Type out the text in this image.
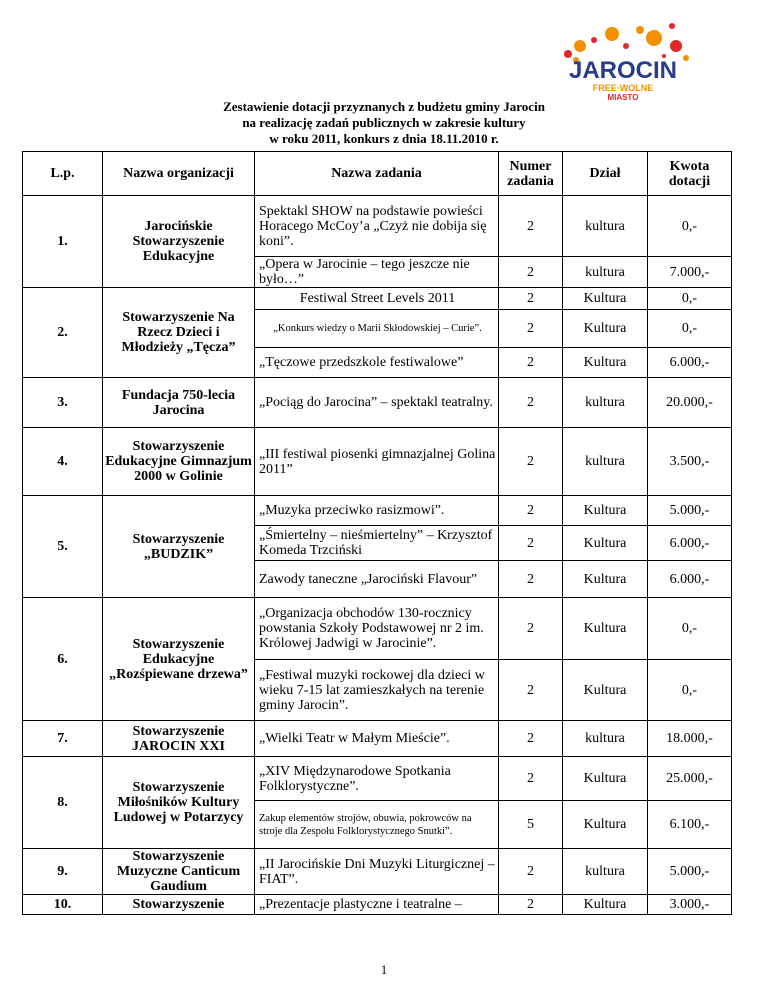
JAROCIN
FREE·WOLNE
MIASTO
Zestawienie dotacji przyznanych z budżetu gminy Jarocin
na realizację zadań publicznych w zakresie kultury
w roku 2011, konkurs z dnia 18.11.2010 r.
L.p.	Nazwa organizacji	Nazwa zadania	Numer zadania	Dział	Kwota dotacji
1.	Jarocińskie Stowarzyszenie Edukacyjne	Spektakl SHOW na podstawie powieści Horacego McCoy’a „Czyż nie dobija się koni”.	2	kultura	0,-
		„Opera w Jarocinie – tego jeszcze nie było…”	2	kultura	7.000,-
2.	Stowarzyszenie Na Rzecz Dzieci i Młodzieży „Tęcza”	Festiwal Street Levels 2011	2	Kultura	0,-
		„Konkurs wiedzy o Marii Skłodowskiej – Curie”.	2	Kultura	0,-
		„Tęczowe przedszkole festiwalowe”	2	Kultura	6.000,-
3.	Fundacja 750-lecia Jarocina	„Pociąg do Jarocina” – spektakl teatralny.	2	kultura	20.000,-
4.	Stowarzyszenie Edukacyjne Gimnazjum 2000 w Golinie	„III festiwal piosenki gimnazjalnej Golina 2011”	2	kultura	3.500,-
5.	Stowarzyszenie „BUDZIK”	„Muzyka przeciwko rasizmowi”.	2	Kultura	5.000,-
		„Śmiertelny – nieśmiertelny” – Krzysztof Komeda Trzciński	2	Kultura	6.000,-
		Zawody taneczne „Jarociński Flavour”	2	Kultura	6.000,-
6.	Stowarzyszenie Edukacyjne „Rozśpiewane drzewa”	„Organizacja obchodów 130-rocznicy powstania Szkoły Podstawowej nr 2 im. Królowej Jadwigi w Jarocinie”.	2	Kultura	0,-
		„Festiwal muzyki rockowej dla dzieci w wieku 7-15 lat zamieszkałych na terenie gminy Jarocin”.	2	Kultura	0,-
7.	Stowarzyszenie JAROCIN XXI	„Wielki Teatr w Małym Mieście”.	2	kultura	18.000,-
8.	Stowarzyszenie Miłośników Kultury Ludowej w Potarzycy	„XIV Międzynarodowe Spotkania Folklorystyczne”.	2	Kultura	25.000,-
		Zakup elementów strojów, obuwia, pokrowców na stroje dla Zespołu Folklorystycznego Snutki”.	5	Kultura	6.100,-
9.	Stowarzyszenie Muzyczne Canticum Gaudium	„II Jarocińskie Dni Muzyki Liturgicznej – FIAT”.	2	kultura	5.000,-
10.	Stowarzyszenie	„Prezentacje plastyczne i teatralne –	2	Kultura	3.000,-
1
